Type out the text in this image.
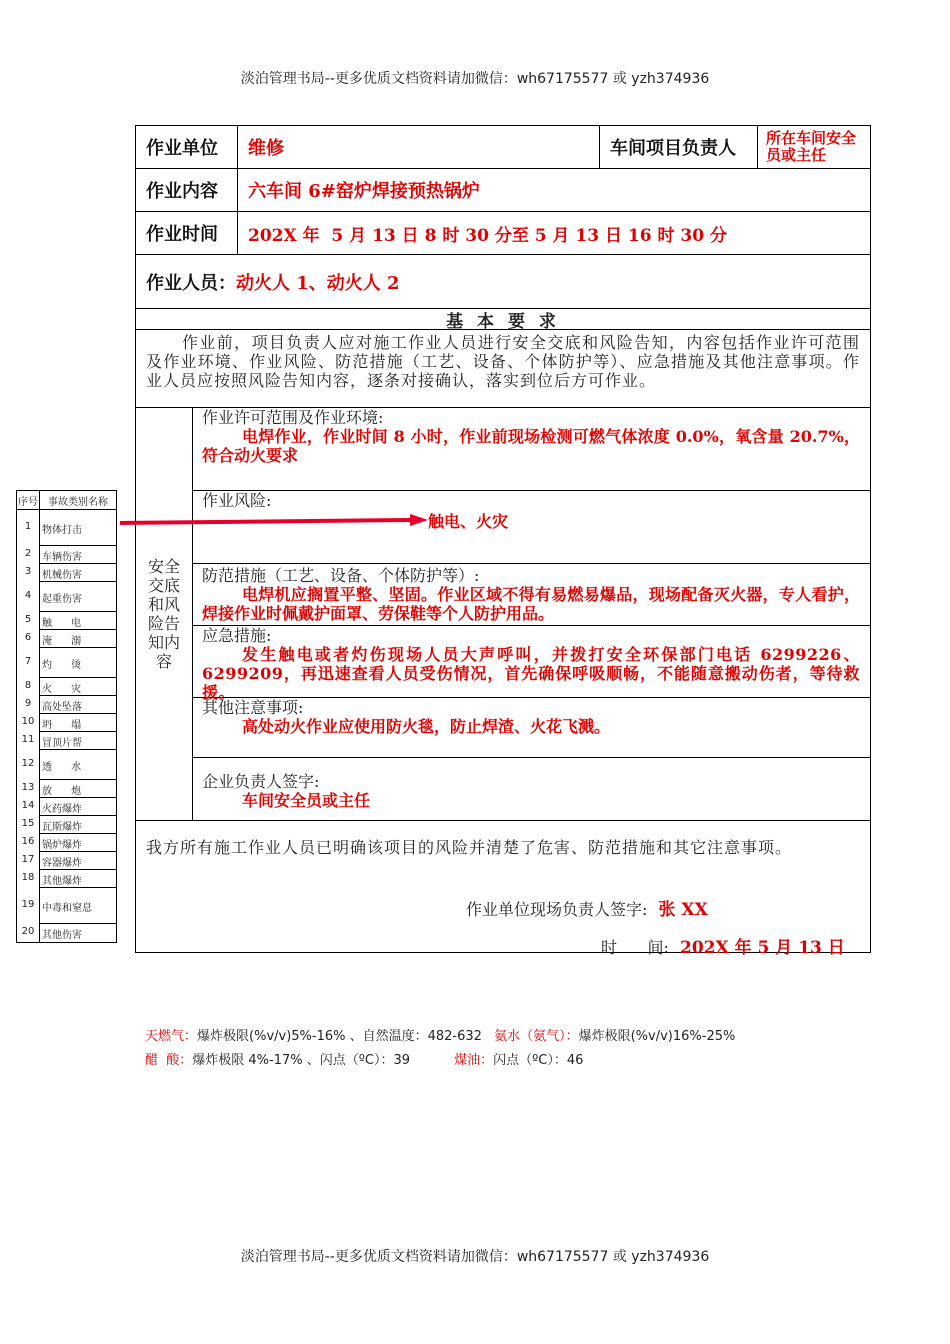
淡泊管理书局--更多优质文档资料请加微信：wh67175577 或 yzh374936
作业单位	维修	车间项目负责人	所在车间安全员或主任
作业内容	六车间 6#窑炉焊接预热锅炉
作业时间	202X 年  5 月 13 日 8 时 30 分至 5 月 13 日 16 时 30 分
作业人员： 动火人 1、动火人 2
基 本 要 求
作业前，项目负责人应对施工作业人员进行安全交底和风险告知，内容包括作业许可范围及作业环境、作业风险、防范措施（工艺、设备、个体防护等）、应急措施及其他注意事项。作业人员应按照风险告知内容，逐条对接确认，落实到位后方可作业。
安全交底和风险告知内容
作业许可范围及作业环境:
电焊作业，作业时间 8 小时，作业前现场检测可燃气体浓度 0.0%，氧含量 20.7%，符合动火要求
作业风险:
触电、火灾
防范措施（工艺、设备、个体防护等）:
电焊机应搁置平整、坚固。作业区域不得有易燃易爆品，现场配备灭火器，专人看护，焊接作业时佩戴护面罩、劳保鞋等个人防护用品。
应急措施:
发生触电或者灼伤现场人员大声呼叫，并拨打安全环保部门电话 6299226、6299209，再迅速查看人员受伤情况，首先确保呼吸顺畅，不能随意搬动伤者，等待救援。
其他注意事项:
高处动火作业应使用防火毯，防止焊渣、火花飞溅。
企业负责人签字:
车间安全员或主任
我方所有施工作业人员已明确该项目的风险并清楚了危害、防范措施和其它注意事项。
作业单位现场负责人签字: 张 XX
时      间: 202X 年 5 月 13 日
序号	事故类别名称
1	物体打击
2	车辆伤害
3	机械伤害
4	起重伤害
5	触      电
6	淹      溺
7	灼      烫
8	火      灾
9	高处坠落
10 坍      塌
11 冒顶片帮
12 透      水
13 放      炮
14 火药爆炸
15 瓦斯爆炸
16 锅炉爆炸
17 容器爆炸
18 其他爆炸
19 中毒和窒息
20 其他伤害
天燃气：爆炸极限(%v/v)5%-16% 、自然温度：482-632 氨水（氨气）：爆炸极限(%v/v)16%-25%
醋  酸：爆炸极限 4%-17% 、闪点（ºC）：39	煤油：闪点（ºC）：46
淡泊管理书局--更多优质文档资料请加微信：wh67175577 或 yzh374936
